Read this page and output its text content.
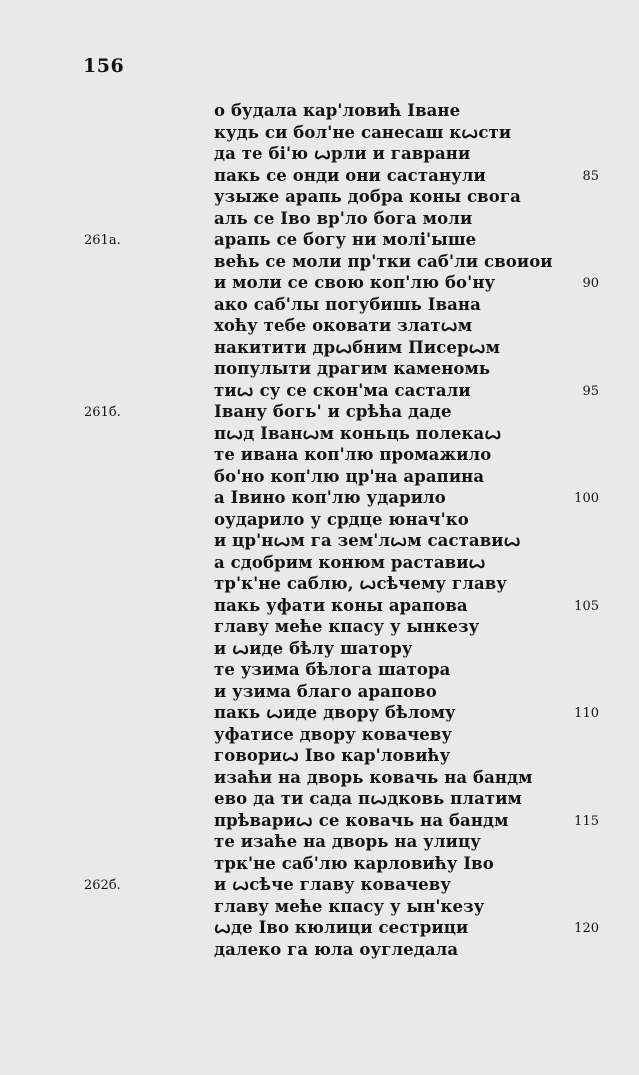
156
о будала кар'ловић Іване
кудь си бол'не санесаш кꙍсти
да те бі'ю ꙍрли и гаврани
пакь се онди они састанули
узыже арапь добра коны свога
аль се Іво вр'ло бога моли
арапь се богу ни молі'ыше
већь се моли пр'тки саб'ли своиои
и моли се свою коп'лю бо'ну
ако саб'лы погубишь Івана
хоћу тебе оковати златꙍм
накитити дрꙍбним Писерꙍм
популыти драгим каменомь
тиꙍ су се скон'ма састали
Івану богь' и срѣћа даде
пꙍд Іванꙍм коньць полекаꙍ
те ивана коп'лю промажило
бо'но коп'лю цр'на арапина
а Івино коп'лю ударило
оударило у срдце юнач'ко
и цр'нꙍм га зем'лꙍм саставиꙍ
а сдобрим конюм раставиꙍ
тр'к'не саблю, ꙍсѣчему главу
пакь уфати коны арапова
главу меће кпасу у ынкезу
и ꙍиде бѣлу шатору
те узима бѣлога шатора
и узима благо арапово
пакь ꙍиде двору бѣлому
уфатисе двору ковачеву
говориꙍ Іво кар'ловићу
изаћи на дворь ковачь на бандм
ево да ти сада пꙍдковь платим
прѣвариꙍ се ковачь на бандм
те изаће на дворь на улицу
трк'не саб'лю карловићу Іво
и ꙍсѣче главу ковачеву
главу меће кпасу у ын'кезу
ꙍде Іво кюлици сестрици
далеко га юла оугледала
85
90
95
100
105
110
115
120
261а.
261б.
262б.
